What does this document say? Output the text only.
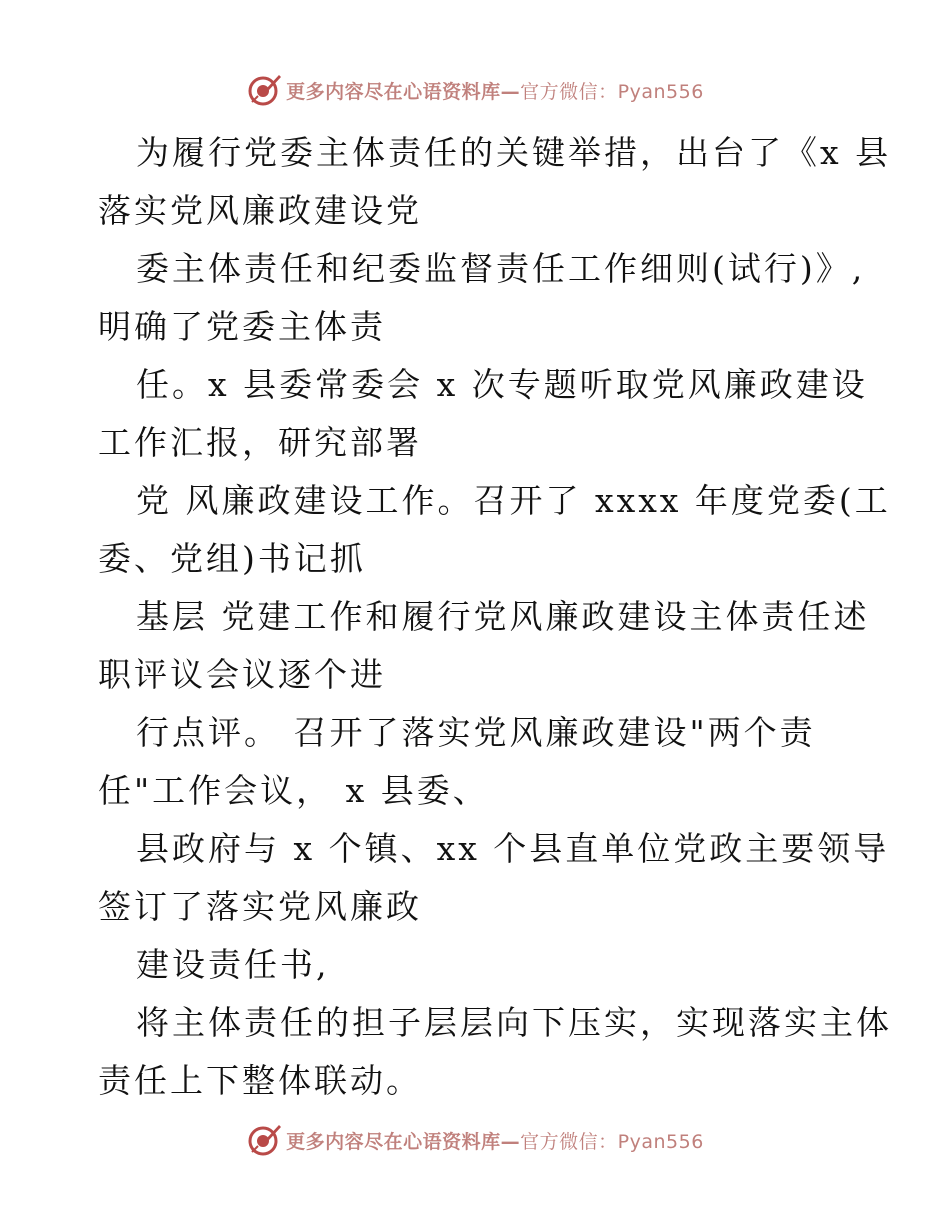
更多内容尽在心语资料库—官方微信：Pyan556
为履行党委主体责任的关键举措，出台了《x 县
落实党风廉政建设党
委主体责任和纪委监督责任工作细则(试行)》,
明确了党委主体责
任。x 县委常委会 x 次专题听取党风廉政建设
工作汇报，研究部署
党 风廉政建设工作。召开了 xxxx 年度党委(工
委、党组)书记抓
基层 党建工作和履行党风廉政建设主体责任述
职评议会议逐个进
行点评。 召开了落实党风廉政建设"两个责
任"工作会议， x 县委、
县政府与 x 个镇、xx 个县直单位党政主要领导
签订了落实党风廉政
建设责任书,
将主体责任的担子层层向下压实，实现落实主体
责任上下整体联动。
更多内容尽在心语资料库—官方微信：Pyan556
